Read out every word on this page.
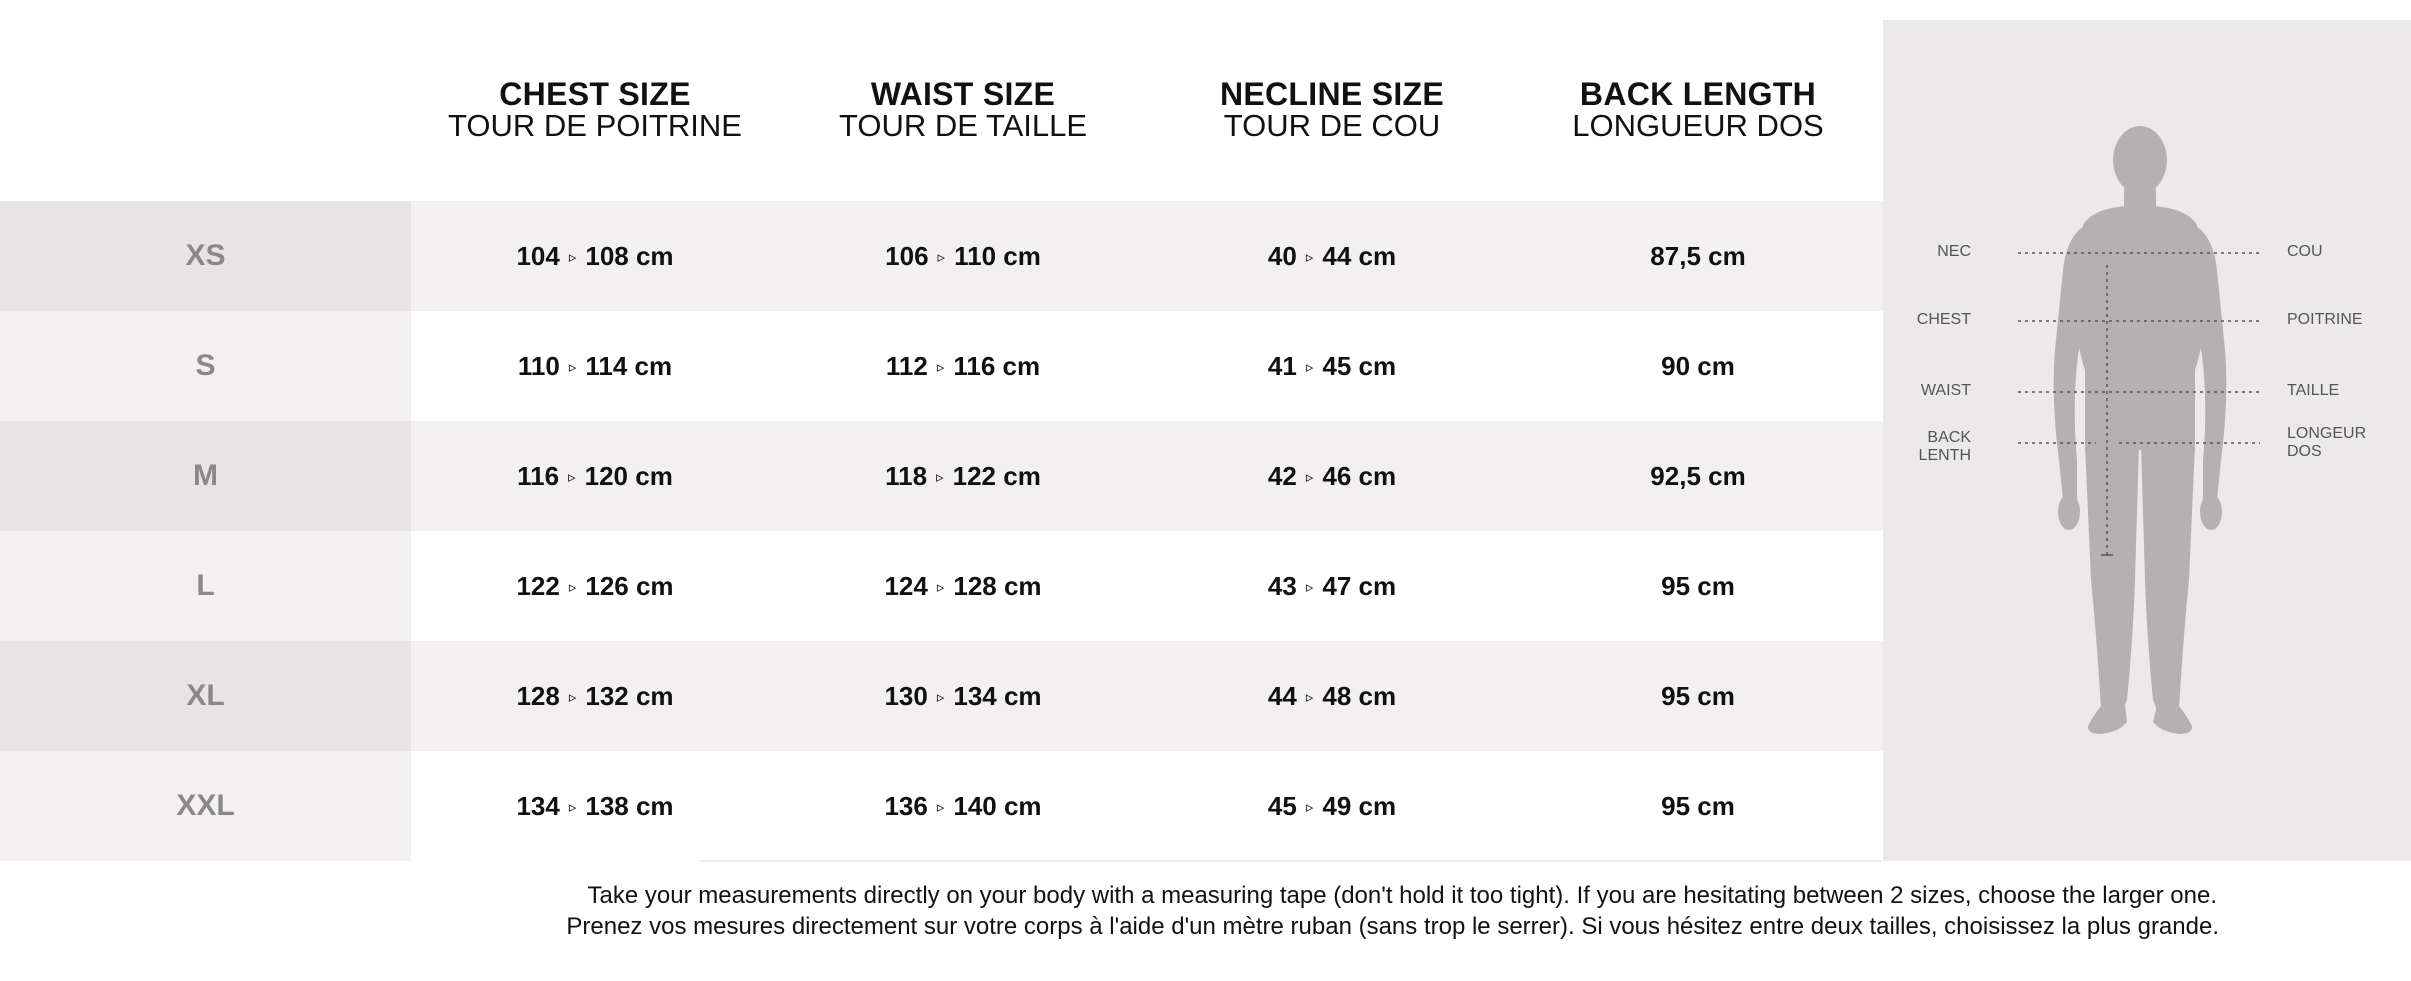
CHEST SIZE
TOUR DE POITRINE
WAIST SIZE
TOUR DE TAILLE
NECLINE SIZE
TOUR DE COU
BACK LENGTH
LONGUEUR DOS
XS	104 ▹ 108 cm	106 ▹ 110 cm	40 ▹ 44 cm	87,5 cm
S	110 ▹ 114 cm	112 ▹ 116 cm	41 ▹ 45 cm	90 cm
M	116 ▹ 120 cm	118 ▹ 122 cm	42 ▹ 46 cm	92,5 cm
L	122 ▹ 126 cm	124 ▹ 128 cm	43 ▹ 47 cm	95 cm
XL	128 ▹ 132 cm	130 ▹ 134 cm	44 ▹ 48 cm	95 cm
XXL	134 ▹ 138 cm	136 ▹ 140 cm	45 ▹ 49 cm	95 cm
NEC
CHEST
WAIST
BACK
LENTH
COU
POITRINE
TAILLE
LONGEUR
DOS
Take your measurements directly on your body with a measuring tape (don't hold it too tight). If you are hesitating between 2 sizes, choose the larger one.
Prenez vos mesures directement sur votre corps à l'aide d'un mètre ruban (sans trop le serrer). Si vous hésitez entre deux tailles, choisissez la plus grande.
